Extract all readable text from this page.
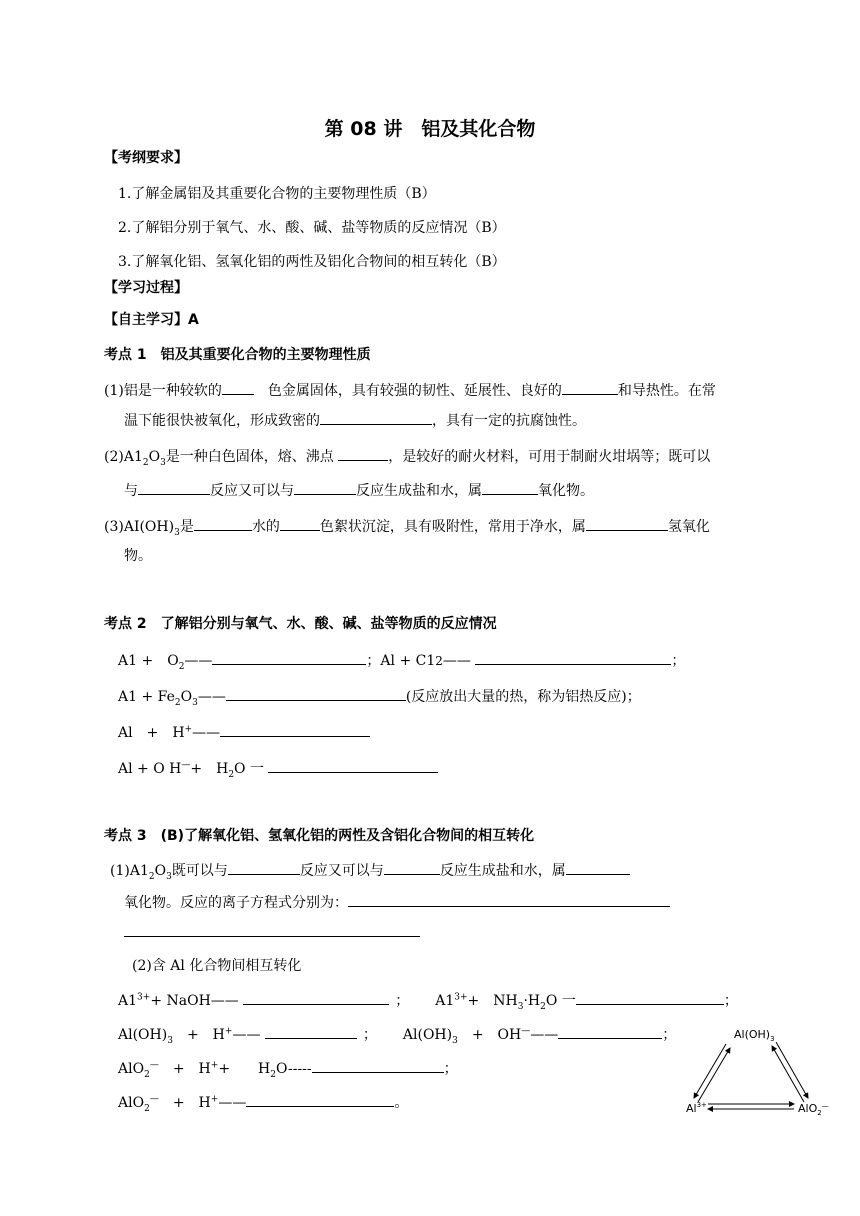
第 08 讲　铝及其化合物
【考纲要求】
1.了解金属铝及其重要化合物的主要物理性质（B）
2.了解铝分别于氧气、水、酸、碱、盐等物质的反应情况（B）
3.了解氧化铝、氢氧化铝的两性及铝化合物间的相互转化（B）
【学习过程】
【自主学习】A
考点 1　铝及其重要化合物的主要物理性质
(1)铝是一种较软的　	色金属固体，具有较强的韧性、延展性、良好的	和导热性。在常
温下能很快被氧化，形成致密的	，具有一定的抗腐蚀性。
$(2)A1_2O_3$是一种白色固体，熔、沸点	，是较好的耐火材料，可用于制耐火坩埚等；既可以
与	反应又可以与	反应生成盐和水，属	氧化物。
$(3)AI(OH)_3$是	水的	色絮状沉淀，具有吸附性，常用于净水，属	氢氧化
物。
考点 2　了解铝分别与氧气、水、酸、碱、盐等物质的反应情况
A1 +　$O_2——$	；Al + C12——	；
$A1 + Fe_2O_3——$	(反应放出大量的热，称为铝热反应)；
Al　+　H+——
Al + O H—+　$H_2O$ 一
考点 3　(B)了解氧化铝、氢氧化铝的两性及含铝化合物间的相互转化
$(1)A1_2O_3$既可以与	反应又可以与	反应生成盐和水，属
氧化物。反应的离子方程式分别为：
(2)含 Al 化合物间相互转化
$A1^{3+}+$ NaOH——	； $A1^{3+}+$　$NH_3\cdot H_2O$ 一	；
$Al(OH)_3$　 +　H+——	； $Al(OH)_3$　 +　OH———	；
AlO$_2$—　 +　H++　　$H_2O-----$	；
AlO$_2$—　 +　H+——	。
$Al(OH)_3$
$Al^{3+}$	AlO$_2$—
